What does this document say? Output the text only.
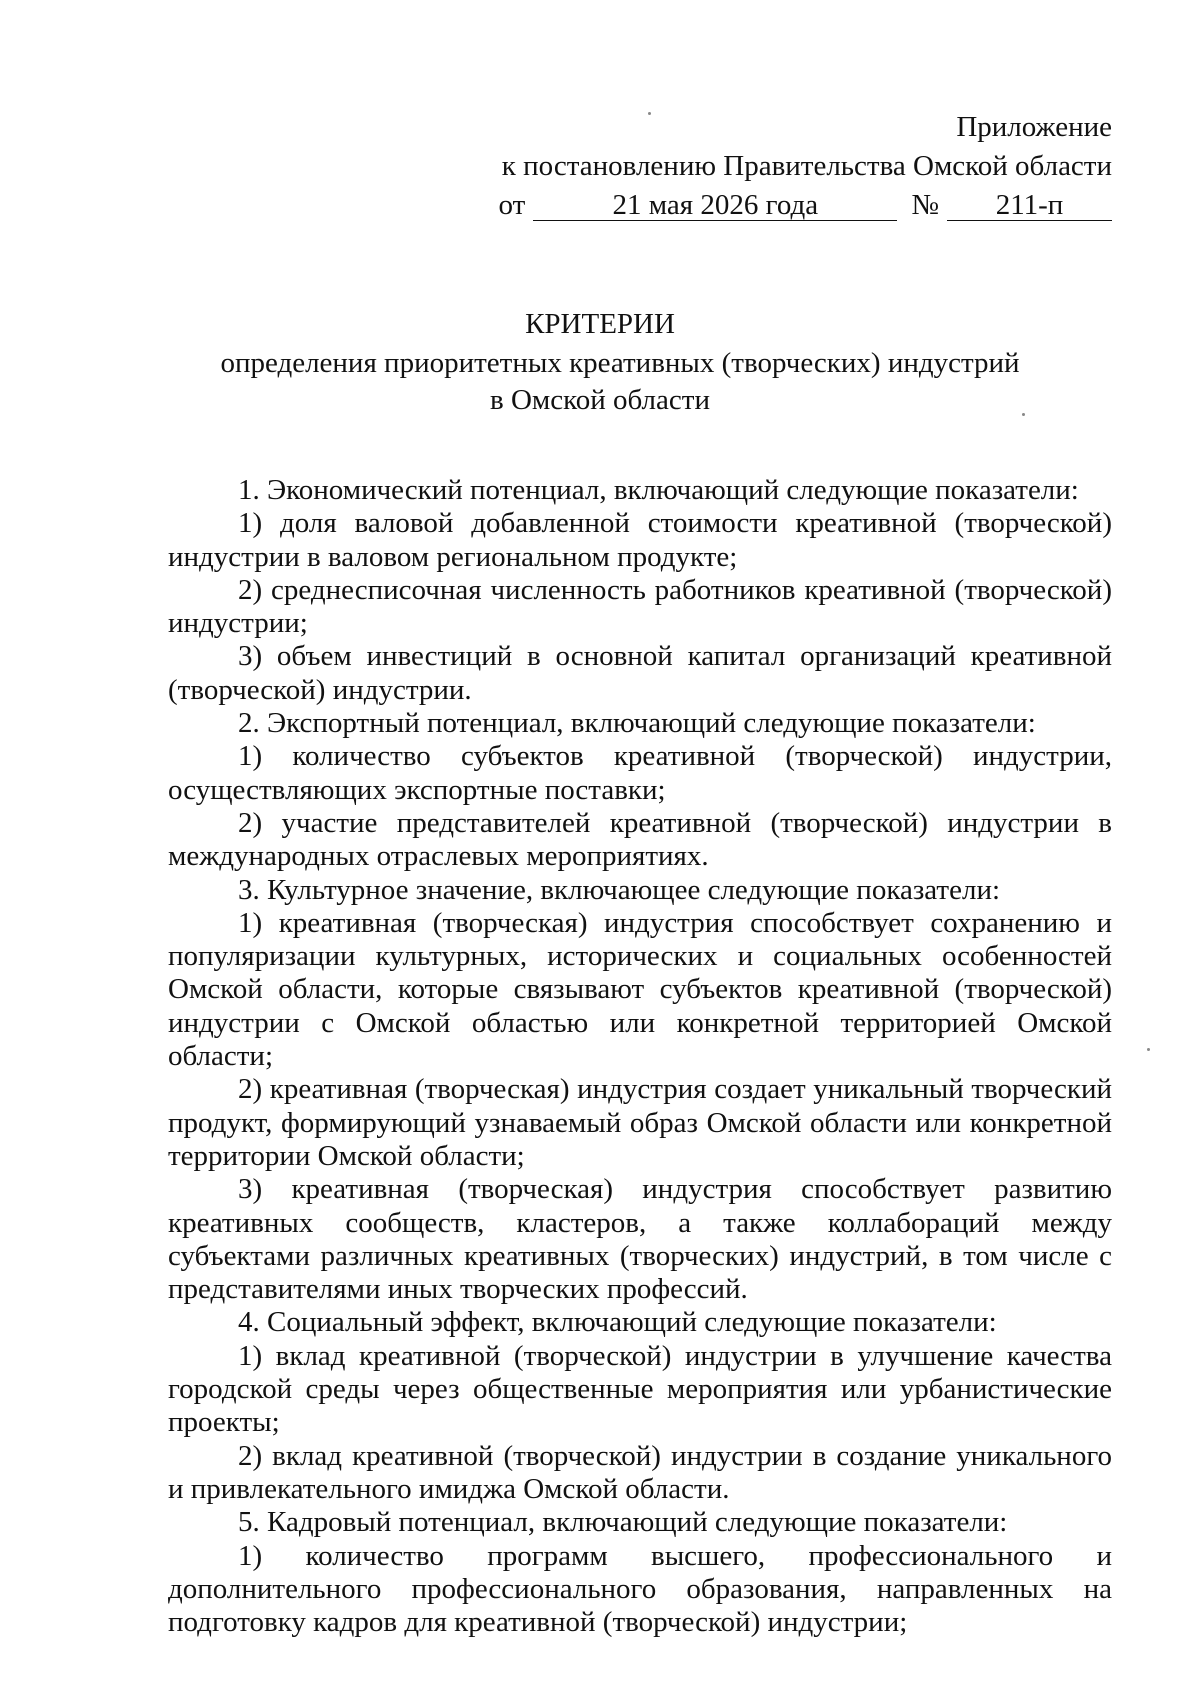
Приложение
к постановлению Правительства Омской области
от	21 мая 2026 года	№	211-п
КРИТЕРИИ
определения приоритетных креативных (творческих) индустрий
в Омской области

1. Экономический потенциал, включающий следующие показатели:

1) доля валовой добавленной стоимости креативной (творческой) индустрии в валовом региональном продукте;

2) среднесписочная численность работников креативной (творческой) индустрии;

3) объем инвестиций в основной капитал организаций креативной (творческой) индустрии.

2. Экспортный потенциал, включающий следующие показатели:

1) количество субъектов креативной (творческой) индустрии, осуществляющих экспортные поставки;

2) участие представителей креативной (творческой) индустрии в международных отраслевых мероприятиях.

3. Культурное значение, включающее следующие показатели:

1) креативная (творческая) индустрия способствует сохранению и популяризации культурных, исторических и социальных особенностей Омской области, которые связывают субъектов креативной (творческой) индустрии с Омской областью или конкретной территорией Омской области;

2) креативная (творческая) индустрия создает уникальный творческий продукт, формирующий узнаваемый образ Омской области или конкретной территории Омской области;

3) креативная (творческая) индустрия способствует развитию креативных сообществ, кластеров, а также коллабораций между субъектами различных креативных (творческих) индустрий, в том числе с представителями иных творческих профессий.

4. Социальный эффект, включающий следующие показатели:

1) вклад креативной (творческой) индустрии в улучшение качества городской среды через общественные мероприятия или урбанистические проекты;

2) вклад креативной (творческой) индустрии в создание уникального и привлекательного имиджа Омской области.

5. Кадровый потенциал, включающий следующие показатели:

1) количество программ высшего, профессионального и дополнительного профессионального образования, направленных на подготовку кадров для креативной (творческой) индустрии;
